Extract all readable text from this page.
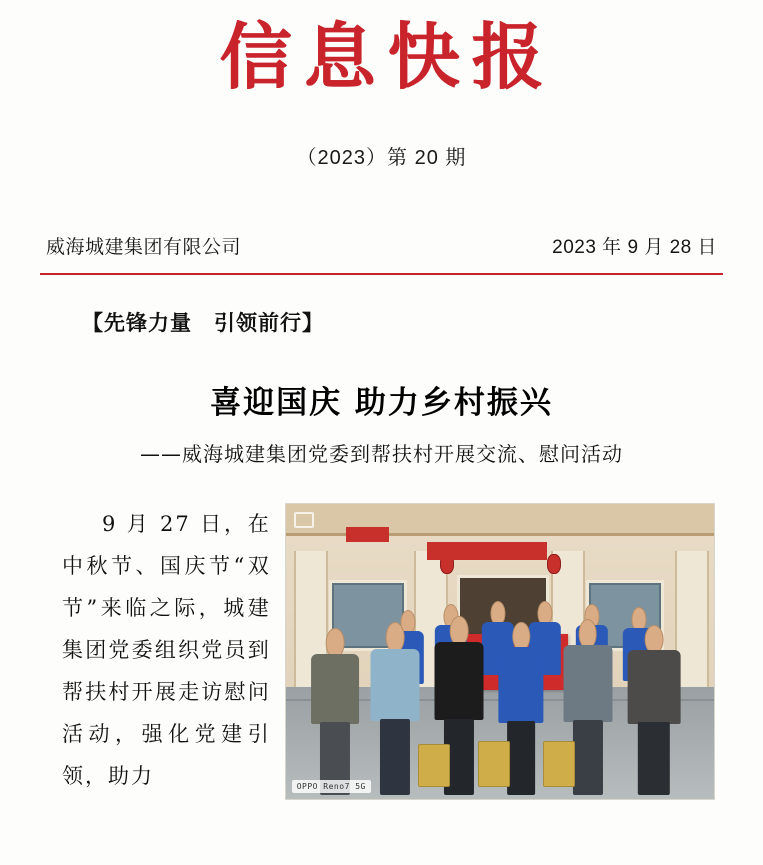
信息快报
（2023）第 20 期
威海城建集团有限公司	2023 年 9 月 28 日
【先锋力量　引领前行】
喜迎国庆 助力乡村振兴
——威海城建集团党委到帮扶村开展交流、慰问活动
9 月 27 日，在中秋节、国庆节“双节”来临之际，城建集团党委组织党员到帮扶村开展走访慰问活动，强化党建引领，助力	OPPO Reno7 5G
